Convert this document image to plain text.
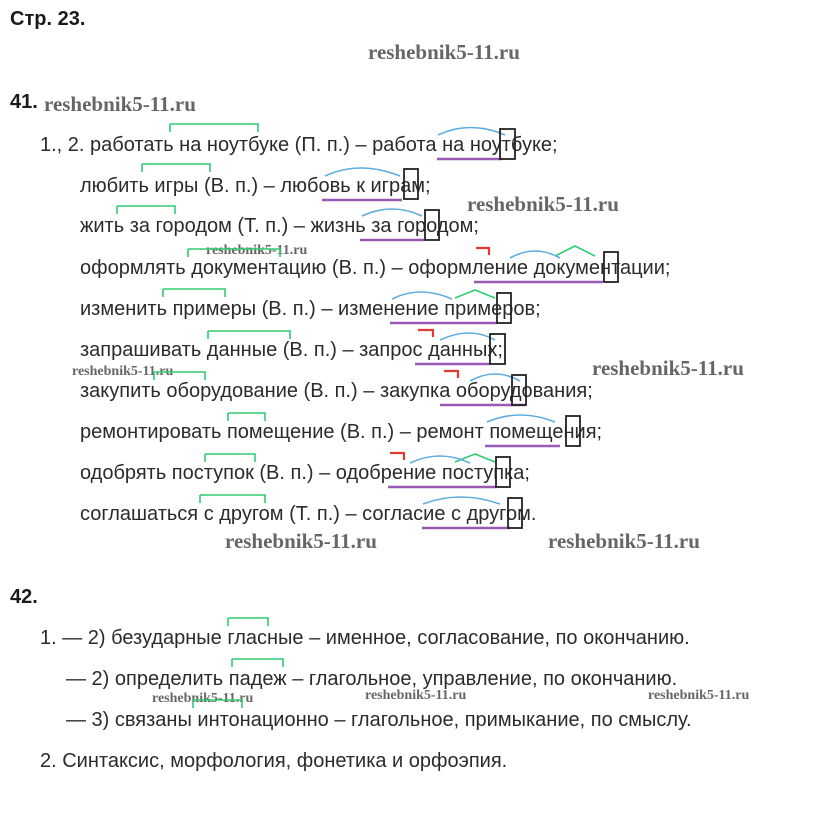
Стр. 23.
reshebnik5-11.ru
41. reshebnik5-11.ru
1., 2. работать на ноутбуке (П. п.) – работа на ноутбуке;
любить игры (В. п.) – любовь к играм;
жить за городом (Т. п.) – жизнь за городом;
оформлять документацию (В. п.) – оформление документации;
изменить примеры (В. п.) – изменение примеров;
запрашивать данные (В. п.) – запрос данных;
закупить оборудование (В. п.) – закупка оборудования;
ремонтировать помещение (В. п.) – ремонт помещения;
одобрять поступок (В. п.) – одобрение поступка;
соглашаться с другом (Т. п.) – согласие с другом.
reshebnik5-11.ru
reshebnik5-11.ru
reshebnik5-11.ru
reshebnik5-11.ru
reshebnik5-11.ru	reshebnik5-11.ru
42.
1. — 2) безударные гласные – именное, согласование, по окончанию.
— 2) определить падеж – глагольное, управление, по окончанию.
— 3) связаны интонационно – глагольное, примыкание, по смыслу.
2. Синтаксис, морфология, фонетика и орфоэпия.
reshebnik5-11.ru	reshebnik5-11.ru	reshebnik5-11.ru
